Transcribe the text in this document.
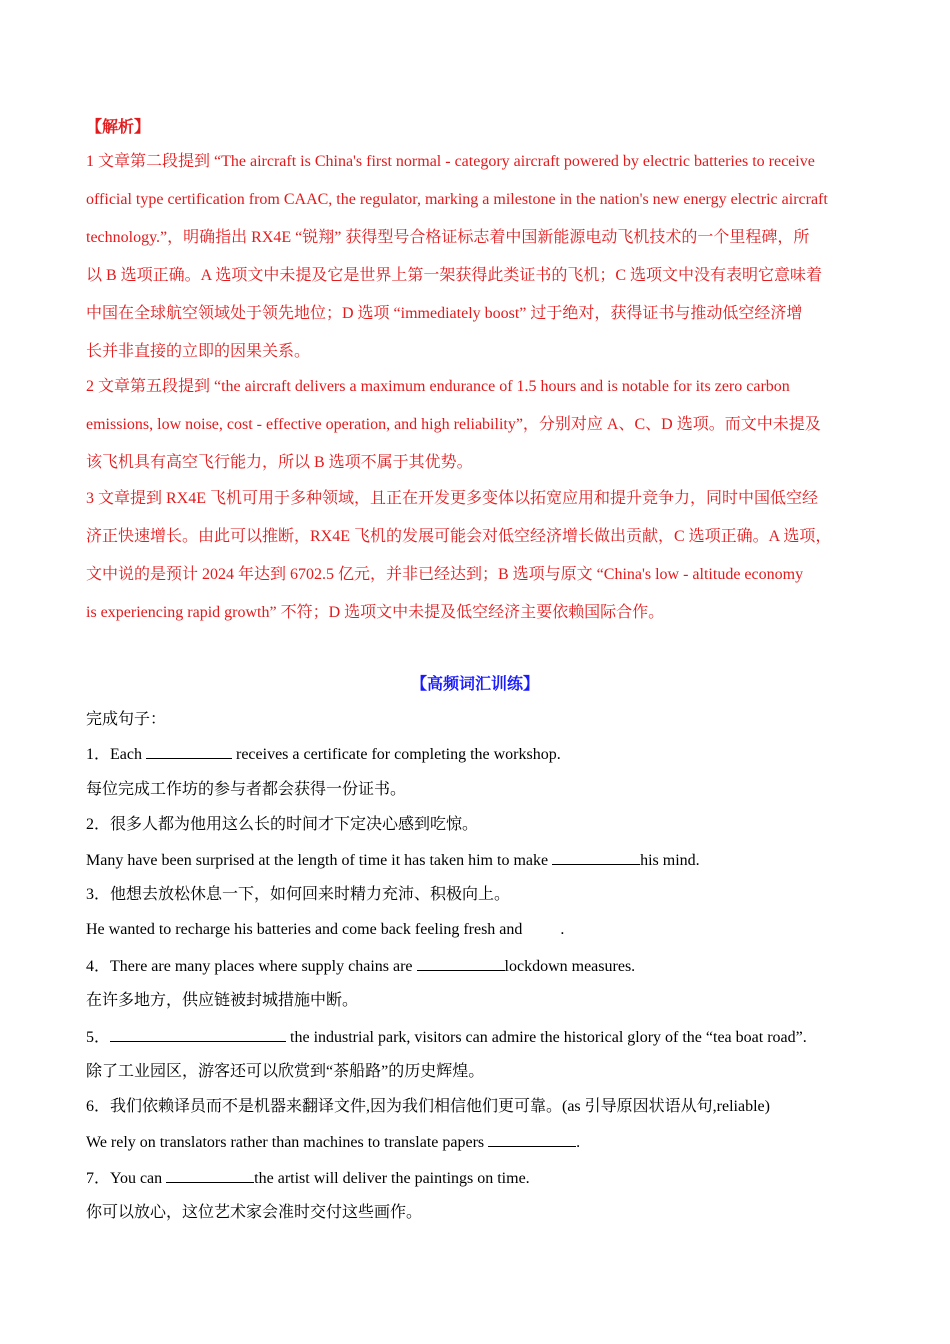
【解析】
1 文章第二段提到 “The aircraft is China's first normal - category aircraft powered by electric batteries to receive
official type certification from CAAC, the regulator, marking a milestone in the nation's new energy electric aircraft
technology.”，明确指出 RX4E “锐翔” 获得型号合格证标志着中国新能源电动飞机技术的一个里程碑，所
以 B 选项正确。A 选项文中未提及它是世界上第一架获得此类证书的飞机；C 选项文中没有表明它意味着
中国在全球航空领域处于领先地位；D 选项 “immediately boost” 过于绝对，获得证书与推动低空经济增
长并非直接的立即的因果关系。
2 文章第五段提到 “the aircraft delivers a maximum endurance of 1.5 hours and is notable for its zero carbon
emissions, low noise, cost - effective operation, and high reliability”，分别对应 A、C、D 选项。而文中未提及
该飞机具有高空飞行能力，所以 B 选项不属于其优势。
3 文章提到 RX4E 飞机可用于多种领域，且正在开发更多变体以拓宽应用和提升竞争力，同时中国低空经
济正快速增长。由此可以推断，RX4E 飞机的发展可能会对低空经济增长做出贡献，C 选项正确。A 选项，
文中说的是预计 2024 年达到 6702.5 亿元，并非已经达到；B 选项与原文 “China's low - altitude economy
is experiencing rapid growth” 不符；D 选项文中未提及低空经济主要依赖国际合作。
【高频词汇训练】
完成句子：
1．Each	receives a certificate for completing the workshop.
每位完成工作坊的参与者都会获得一份证书。
2．很多人都为他用这么长的时间才下定决心感到吃惊。
Many have been surprised at the length of time it has taken him to make	his mind.
3．他想去放松休息一下，如何回来时精力充沛、积极向上。
He wanted to recharge his batteries and come back feeling fresh and .
4．There are many places where supply chains are	lockdown measures.
在许多地方，供应链被封城措施中断。
5．	the industrial park, visitors can admire the historical glory of the “tea boat road”.
除了工业园区，游客还可以欣赏到“茶船路”的历史辉煌。
6．我们依赖译员而不是机器来翻译文件,因为我们相信他们更可靠。(as 引导原因状语从句,reliable)
We rely on translators rather than machines to translate papers	.
7．You can	the artist will deliver the paintings on time.
你可以放心，这位艺术家会准时交付这些画作。
